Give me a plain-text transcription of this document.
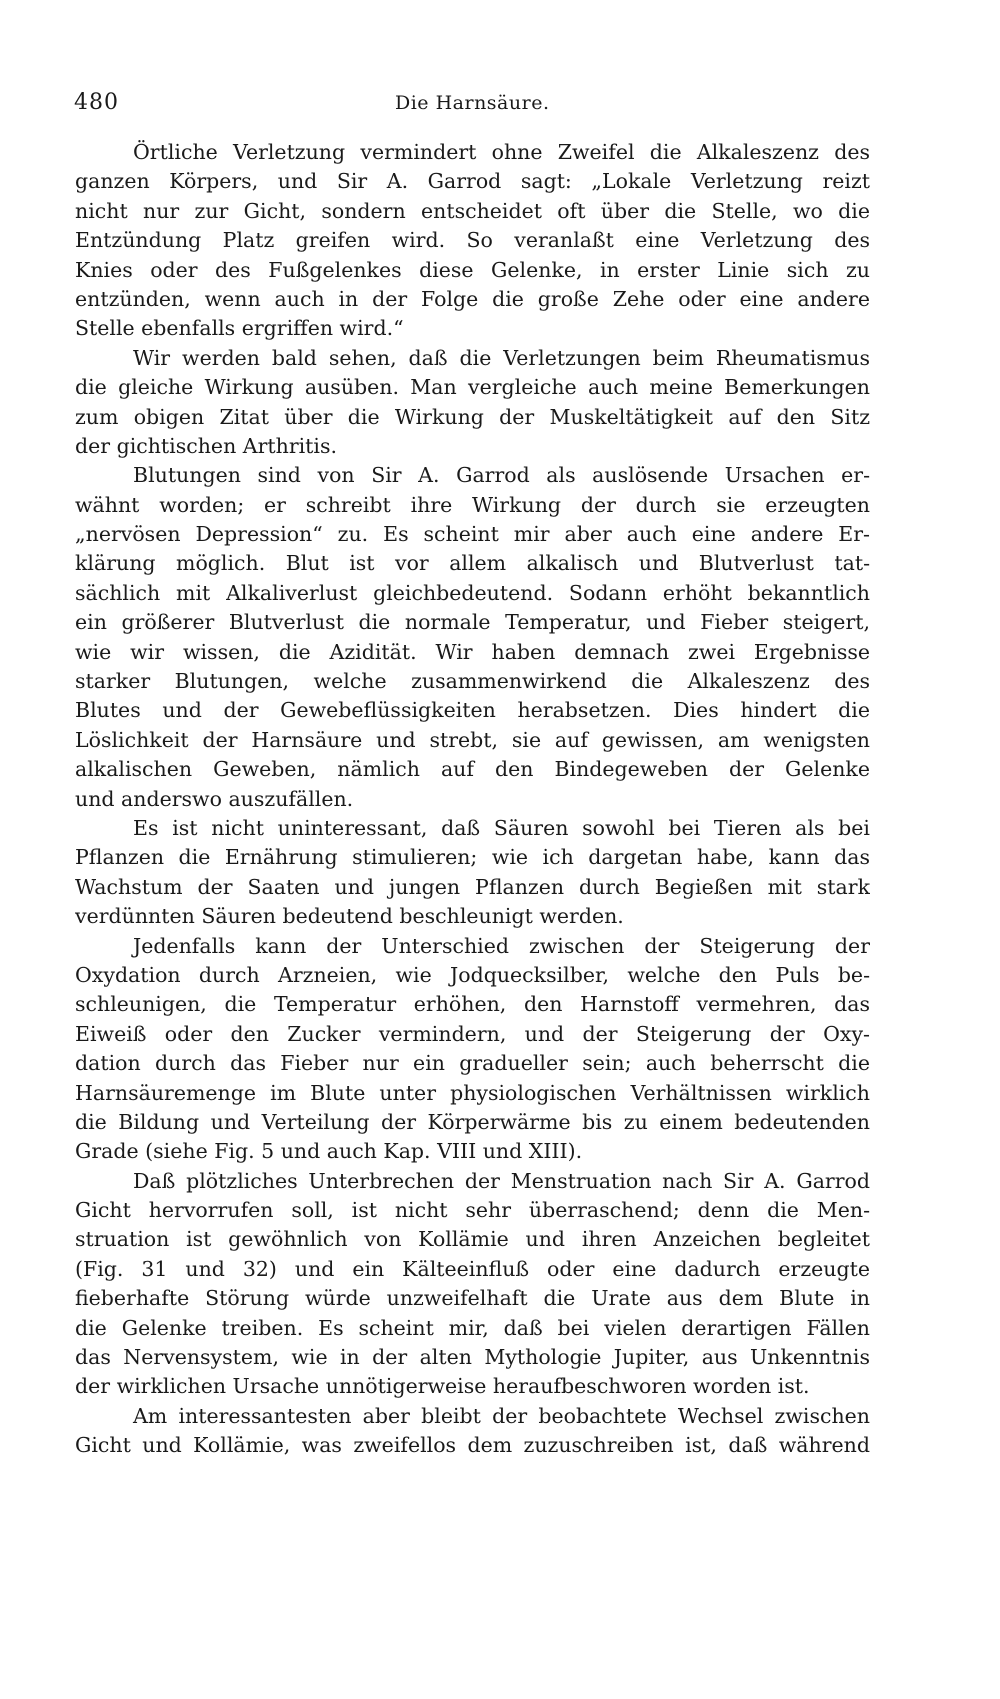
480	Die Harnsäure.
Örtliche Verletzung vermindert ohne Zweifel die Alkaleszenz des
ganzen Körpers, und Sir A. Garrod sagt: „Lokale Verletzung reizt
nicht nur zur Gicht, sondern entscheidet oft über die Stelle, wo die
Entzündung Platz greifen wird. So veranlaßt eine Verletzung des
Knies oder des Fußgelenkes diese Gelenke, in erster Linie sich zu
entzünden, wenn auch in der Folge die große Zehe oder eine andere
Stelle ebenfalls ergriffen wird.“
Wir werden bald sehen, daß die Verletzungen beim Rheumatismus
die gleiche Wirkung ausüben. Man vergleiche auch meine Bemerkungen
zum obigen Zitat über die Wirkung der Muskeltätigkeit auf den Sitz
der gichtischen Arthritis.
Blutungen sind von Sir A. Garrod als auslösende Ursachen er-
wähnt worden; er schreibt ihre Wirkung der durch sie erzeugten
„nervösen Depression“ zu. Es scheint mir aber auch eine andere Er-
klärung möglich. Blut ist vor allem alkalisch und Blutverlust tat-
sächlich mit Alkaliverlust gleichbedeutend. Sodann erhöht bekanntlich
ein größerer Blutverlust die normale Temperatur, und Fieber steigert,
wie wir wissen, die Azidität. Wir haben demnach zwei Ergebnisse
starker Blutungen, welche zusammenwirkend die Alkaleszenz des
Blutes und der Gewebeflüssigkeiten herabsetzen. Dies hindert die
Löslichkeit der Harnsäure und strebt, sie auf gewissen, am wenigsten
alkalischen Geweben, nämlich auf den Bindegeweben der Gelenke
und anderswo auszufällen.
Es ist nicht uninteressant, daß Säuren sowohl bei Tieren als bei
Pflanzen die Ernährung stimulieren; wie ich dargetan habe, kann das
Wachstum der Saaten und jungen Pflanzen durch Begießen mit stark
verdünnten Säuren bedeutend beschleunigt werden.
Jedenfalls kann der Unterschied zwischen der Steigerung der
Oxydation durch Arzneien, wie Jodquecksilber, welche den Puls be-
schleunigen, die Temperatur erhöhen, den Harnstoff vermehren, das
Eiweiß oder den Zucker vermindern, und der Steigerung der Oxy-
dation durch das Fieber nur ein gradueller sein; auch beherrscht die
Harnsäuremenge im Blute unter physiologischen Verhältnissen wirklich
die Bildung und Verteilung der Körperwärme bis zu einem bedeutenden
Grade (siehe Fig. 5 und auch Kap. VIII und XIII).
Daß plötzliches Unterbrechen der Menstruation nach Sir A. Garrod
Gicht hervorrufen soll, ist nicht sehr überraschend; denn die Men-
struation ist gewöhnlich von Kollämie und ihren Anzeichen begleitet
(Fig. 31 und 32) und ein Kälteeinfluß oder eine dadurch erzeugte
fieberhafte Störung würde unzweifelhaft die Urate aus dem Blute in
die Gelenke treiben. Es scheint mir, daß bei vielen derartigen Fällen
das Nervensystem, wie in der alten Mythologie Jupiter, aus Unkenntnis
der wirklichen Ursache unnötigerweise heraufbeschworen worden ist.
Am interessantesten aber bleibt der beobachtete Wechsel zwischen
Gicht und Kollämie, was zweifellos dem zuzuschreiben ist, daß während
